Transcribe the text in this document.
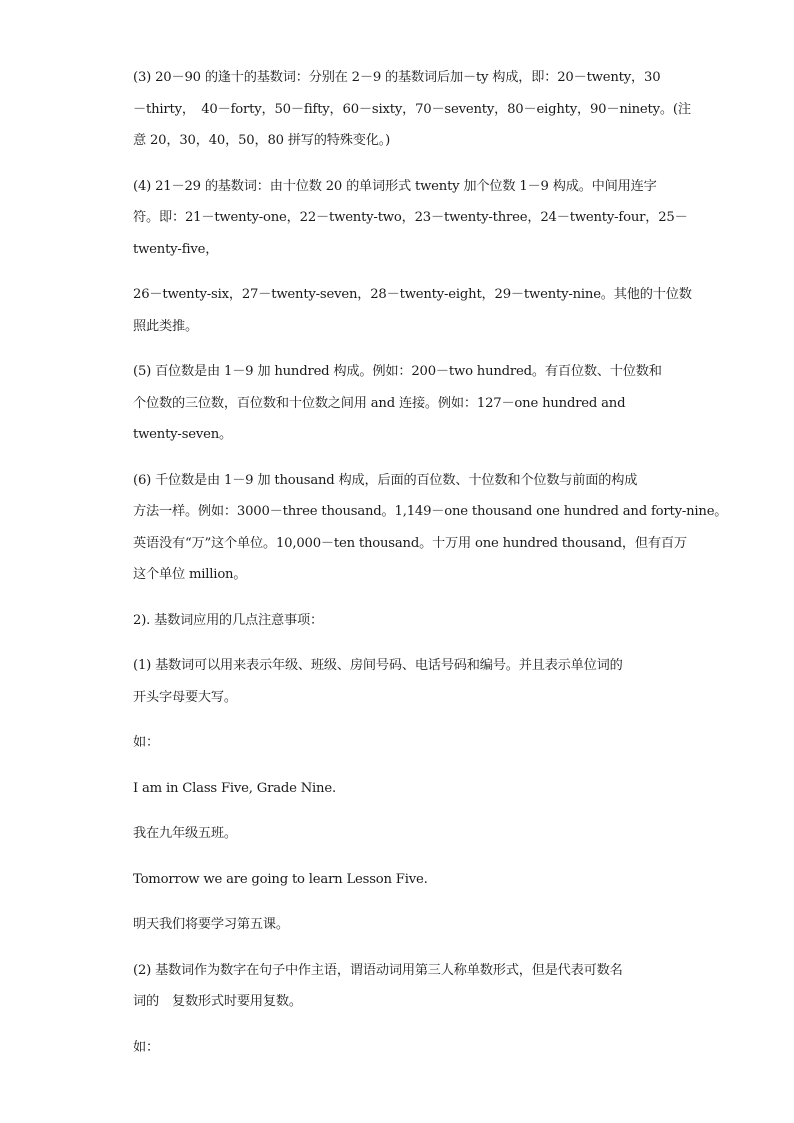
(3) 20－90 的逢十的基数词：分别在 2－9 的基数词后加－ty 构成，即：20－twenty，30
－thirty，　40－forty，50－fifty，60－sixty，70－seventy，80－eighty，90－ninety。(注
意 20，30，40，50，80 拼写的特殊变化。)

(4) 21－29 的基数词：由十位数 20 的单词形式 twenty 加个位数 1－9 构成。中间用连字
符。即：21－twenty-one，22－twenty-two，23－twenty-three，24－twenty-four，25－
twenty-five，

26－twenty-six，27－twenty-seven，28－twenty-eight，29－twenty-nine。其他的十位数
照此类推。

(5) 百位数是由 1－9 加 hundred 构成。例如：200－two hundred。有百位数、十位数和
个位数的三位数，百位数和十位数之间用 and 连接。例如：127－one hundred and
twenty-seven。

(6) 千位数是由 1－9 加 thousand 构成，后面的百位数、十位数和个位数与前面的构成
方法一样。例如：3000－three thousand。1,149－one thousand one hundred and forty-nine。
英语没有“万”这个单位。10,000－ten thousand。十万用 one hundred thousand，但有百万
这个单位 million。

2). 基数词应用的几点注意事项：

(1) 基数词可以用来表示年级、班级、房间号码、电话号码和编号。并且表示单位词的
开头字母要大写。

如：

I am in Class Five, Grade Nine.

我在九年级五班。

Tomorrow we are going to learn Lesson Five.

明天我们将要学习第五课。

(2) 基数词作为数字在句子中作主语，谓语动词用第三人称单数形式，但是代表可数名
词的　复数形式时要用复数。

如：
